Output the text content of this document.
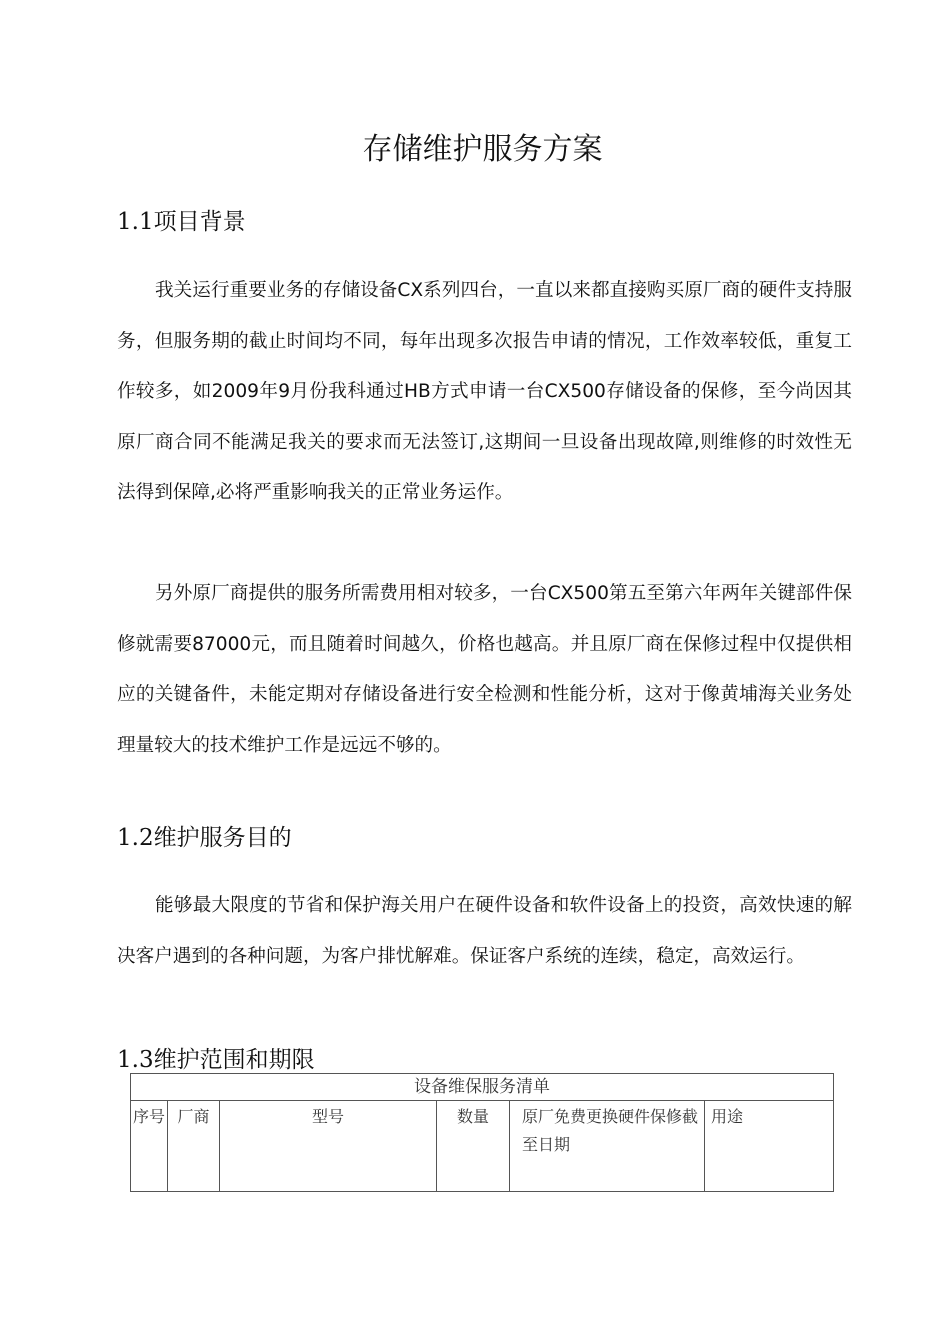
存储维护服务方案
1.1项目背景

我关运行重要业务的存储设备CX系列四台，一直以来都直接购买原厂商的硬件支持服务，但服务期的截止时间均不同，每年出现多次报告申请的情况，工作效率较低，重复工作较多，如2009年9月份我科通过HB方式申请一台CX500存储设备的保修，至今尚因其原厂商合同不能满足我关的要求而无法签订,这期间一旦设备出现故障,则维修的时效性无法得到保障,必将严重影响我关的正常业务运作。

另外原厂商提供的服务所需费用相对较多，一台CX500第五至第六年两年关键部件保修就需要87000元，而且随着时间越久，价格也越高。并且原厂商在保修过程中仅提供相应的关键备件，未能定期对存储设备进行安全检测和性能分析，这对于像黄埔海关业务处理量较大的技术维护工作是远远不够的。

1.2维护服务目的

能够最大限度的节省和保护海关用户在硬件设备和软件设备上的投资，高效快速的解决客户遇到的各种问题，为客户排忧解难。保证客户系统的连续，稳定，高效运行。

1.3维护范围和期限
设备维保服务清单
序号	厂商	型号	数量	原厂免费更换硬件保修截至日期	用途
